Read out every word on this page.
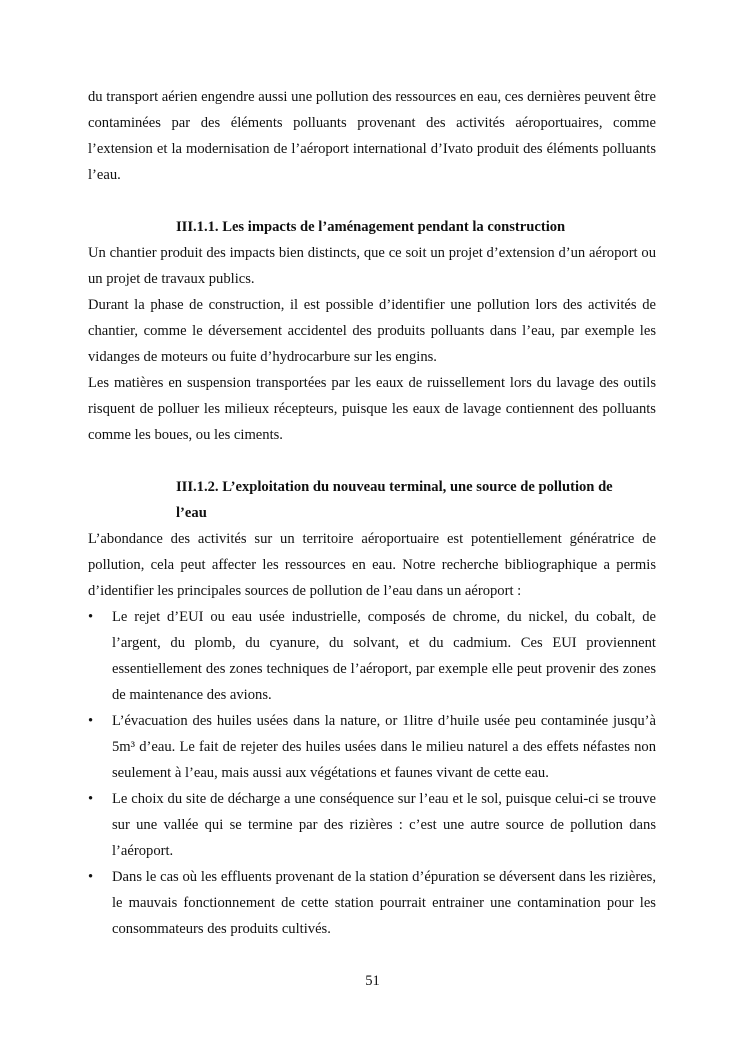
du transport aérien engendre aussi une pollution des ressources en eau, ces dernières peuvent être contaminées par des éléments polluants provenant des activités aéroportuaires, comme l’extension et la modernisation de l’aéroport international d’Ivato produit des éléments polluants l’eau.

III.1.1. Les impacts de l’aménagement pendant la construction

Un chantier produit des impacts bien distincts, que ce soit un projet d’extension d’un aéroport ou un projet de travaux publics.

Durant la phase de construction, il est possible d’identifier une pollution lors des activités de chantier, comme le déversement accidentel des produits polluants dans l’eau, par exemple les vidanges de moteurs ou fuite d’hydrocarbure sur les engins.

Les matières en suspension transportées par les eaux de ruissellement lors du lavage des outils risquent de polluer les milieux récepteurs, puisque les eaux de lavage contiennent des polluants comme les boues, ou les ciments.

III.1.2. L’exploitation du nouveau terminal, une source de pollution de l’eau

L’abondance des activités sur un territoire aéroportuaire est potentiellement génératrice de pollution, cela peut affecter les ressources en eau. Notre recherche bibliographique a permis d’identifier les principales sources de pollution de l’eau dans un aéroport :

•	Le rejet d’EUI ou eau usée industrielle, composés de chrome, du nickel, du cobalt, de l’argent, du plomb, du cyanure, du solvant, et du cadmium. Ces EUI proviennent essentiellement des zones techniques de l’aéroport, par exemple elle peut provenir des zones de maintenance des avions.
•	L’évacuation des huiles usées dans la nature, or 1litre d’huile usée peu contaminée jusqu’à 5m³ d’eau. Le fait de rejeter des huiles usées dans le milieu naturel a des effets néfastes non seulement à l’eau, mais aussi aux végétations et faunes vivant de cette eau.
•	Le choix du site de décharge a une conséquence sur l’eau et le sol, puisque celui-ci se trouve sur une vallée qui se termine par des rizières : c’est une autre source de pollution dans l’aéroport.
•	Dans le cas où les effluents provenant de la station d’épuration se déversent dans les rizières, le mauvais fonctionnement de cette station pourrait entrainer une contamination pour les consommateurs des produits cultivés.
51
